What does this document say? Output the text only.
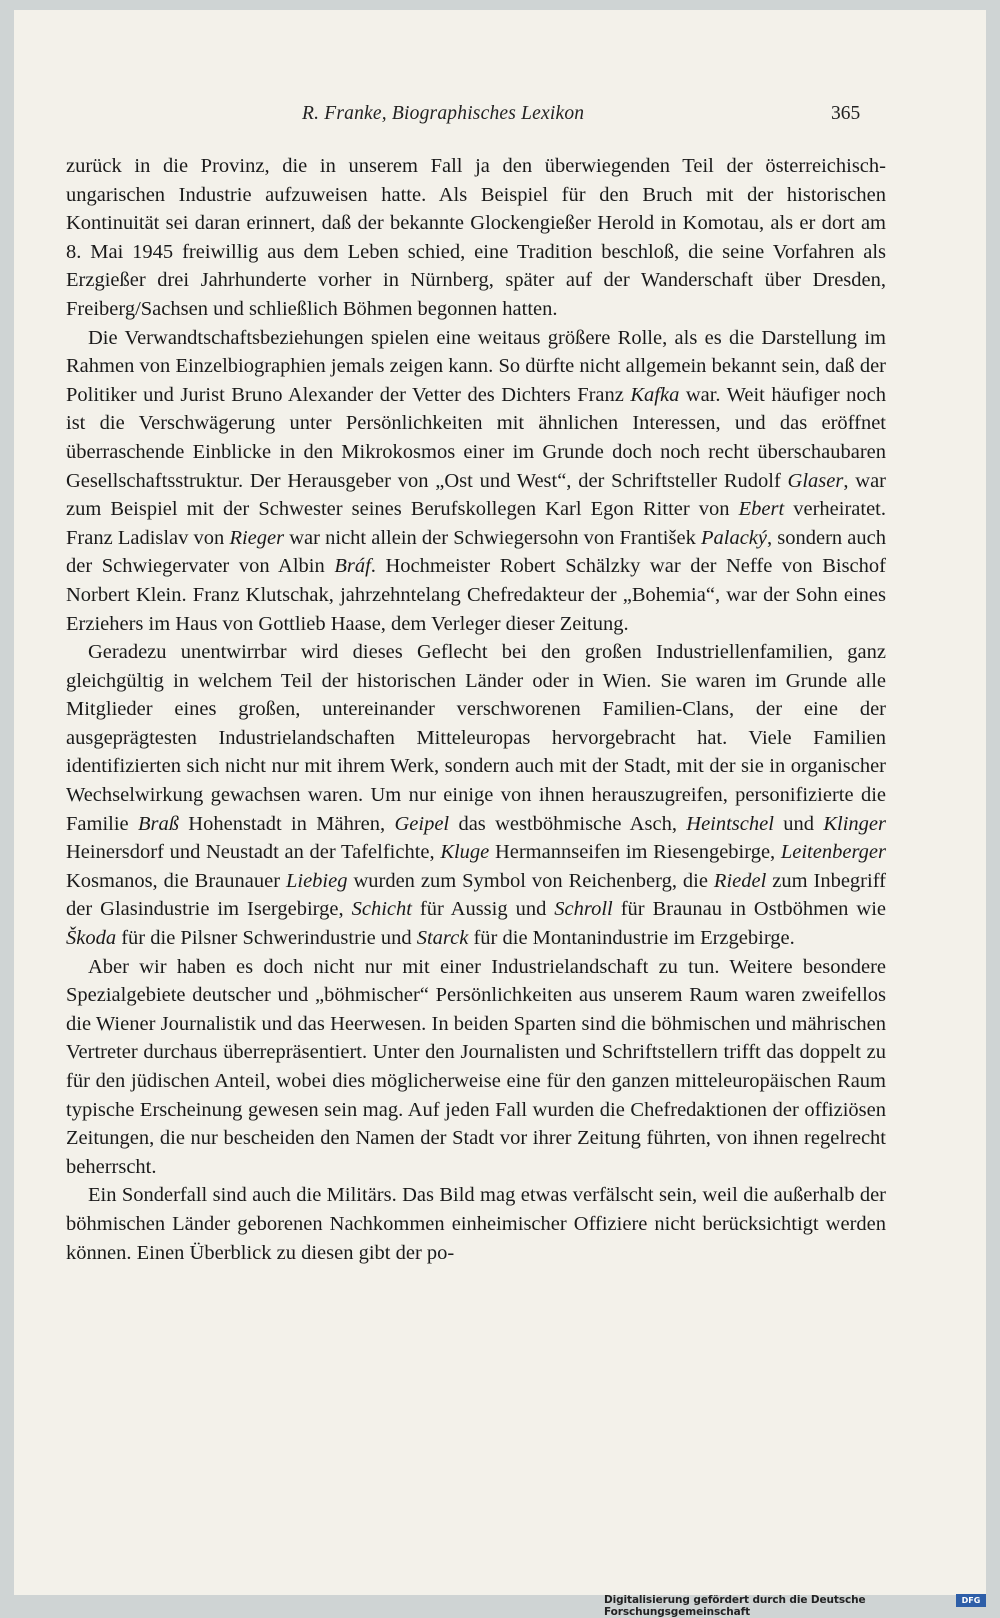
R. Franke, Biographisches Lexikon	365

zurück in die Provinz, die in unserem Fall ja den überwiegenden Teil der österreichisch-ungarischen Industrie aufzuweisen hatte. Als Beispiel für den Bruch mit der historischen Kontinuität sei daran erinnert, daß der bekannte Glockengießer Herold in Komotau, als er dort am 8. Mai 1945 freiwillig aus dem Leben schied, eine Tradition beschloß, die seine Vorfahren als Erzgießer drei Jahrhunderte vorher in Nürnberg, später auf der Wanderschaft über Dresden, Freiberg/Sachsen und schließlich Böhmen begonnen hatten.

Die Verwandtschaftsbeziehungen spielen eine weitaus größere Rolle, als es die Darstellung im Rahmen von Einzelbiographien jemals zeigen kann. So dürfte nicht allgemein bekannt sein, daß der Politiker und Jurist Bruno Alexander der Vetter des Dichters Franz Kafka war. Weit häufiger noch ist die Verschwägerung unter Persönlichkeiten mit ähnlichen Interessen, und das eröffnet überraschende Einblicke in den Mikrokosmos einer im Grunde doch noch recht überschaubaren Gesellschaftsstruktur. Der Herausgeber von „Ost und West“, der Schriftsteller Rudolf Glaser, war zum Beispiel mit der Schwester seines Berufskollegen Karl Egon Ritter von Ebert verheiratet. Franz Ladislav von Rieger war nicht allein der Schwiegersohn von František Palacký, sondern auch der Schwiegervater von Albin Bráf. Hochmeister Robert Schälzky war der Neffe von Bischof Norbert Klein. Franz Klutschak, jahrzehntelang Chefredakteur der „Bohemia“, war der Sohn eines Erziehers im Haus von Gottlieb Haase, dem Verleger dieser Zeitung.

Geradezu unentwirrbar wird dieses Geflecht bei den großen Industriellenfamilien, ganz gleichgültig in welchem Teil der historischen Länder oder in Wien. Sie waren im Grunde alle Mitglieder eines großen, untereinander verschworenen Familien-Clans, der eine der ausgeprägtesten Industrielandschaften Mitteleuropas hervorgebracht hat. Viele Familien identifizierten sich nicht nur mit ihrem Werk, sondern auch mit der Stadt, mit der sie in organischer Wechselwirkung gewachsen waren. Um nur einige von ihnen herauszugreifen, personifizierte die Familie Braß Hohenstadt in Mähren, Geipel das westböhmische Asch, Heintschel und Klinger Heinersdorf und Neustadt an der Tafelfichte, Kluge Hermannseifen im Riesengebirge, Leitenberger Kosmanos, die Braunauer Liebieg wurden zum Symbol von Reichenberg, die Riedel zum Inbegriff der Glasindustrie im Isergebirge, Schicht für Aussig und Schroll für Braunau in Ostböhmen wie Škoda für die Pilsner Schwerindustrie und Starck für die Montanindustrie im Erzgebirge.

Aber wir haben es doch nicht nur mit einer Industrielandschaft zu tun. Weitere besondere Spezialgebiete deutscher und „böhmischer“ Persönlichkeiten aus unserem Raum waren zweifellos die Wiener Journalistik und das Heerwesen. In beiden Sparten sind die böhmischen und mährischen Vertreter durchaus überrepräsentiert. Unter den Journalisten und Schriftstellern trifft das doppelt zu für den jüdischen Anteil, wobei dies möglicherweise eine für den ganzen mitteleuropäischen Raum typische Erscheinung gewesen sein mag. Auf jeden Fall wurden die Chefredaktionen der offiziösen Zeitungen, die nur bescheiden den Namen der Stadt vor ihrer Zeitung führten, von ihnen regelrecht beherrscht.

Ein Sonderfall sind auch die Militärs. Das Bild mag etwas verfälscht sein, weil die außerhalb der böhmischen Länder geborenen Nachkommen einheimischer Offiziere nicht berücksichtigt werden können. Einen Überblick zu diesen gibt der po-

Digitalisierung gefördert durch die Deutsche Forschungsgemeinschaft
DFG
